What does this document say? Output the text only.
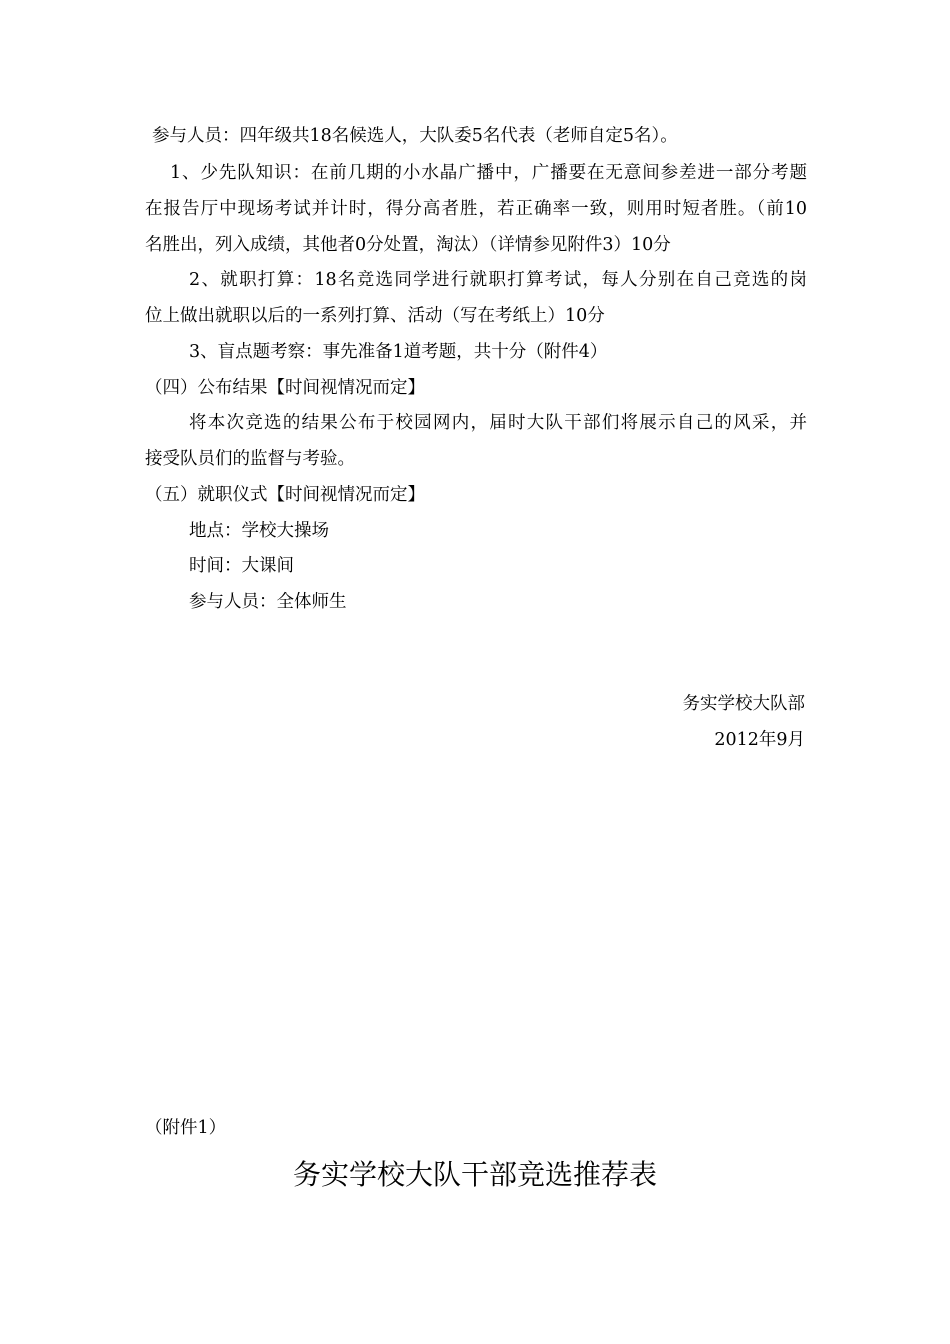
参与人员：四年级共18名候选人，大队委5名代表（老师自定5名）。
1、少先队知识：在前几期的小水晶广播中，广播要在无意间参差进一部分考题
在报告厅中现场考试并计时，得分高者胜，若正确率一致，则用时短者胜。（前10
名胜出，列入成绩，其他者0分处置，淘汰）（详情参见附件3）10分
2、就职打算：18名竞选同学进行就职打算考试，每人分别在自己竞选的岗
位上做出就职以后的一系列打算、活动（写在考纸上）10分
3、盲点题考察：事先准备1道考题，共十分（附件4）
（四）公布结果【时间视情况而定】
将本次竞选的结果公布于校园网内，届时大队干部们将展示自己的风采，并
接受队员们的监督与考验。
（五）就职仪式【时间视情况而定】
地点：学校大操场
时间：大课间
参与人员：全体师生
务实学校大队部
2012年9月
（附件1）
务实学校大队干部竞选推荐表
